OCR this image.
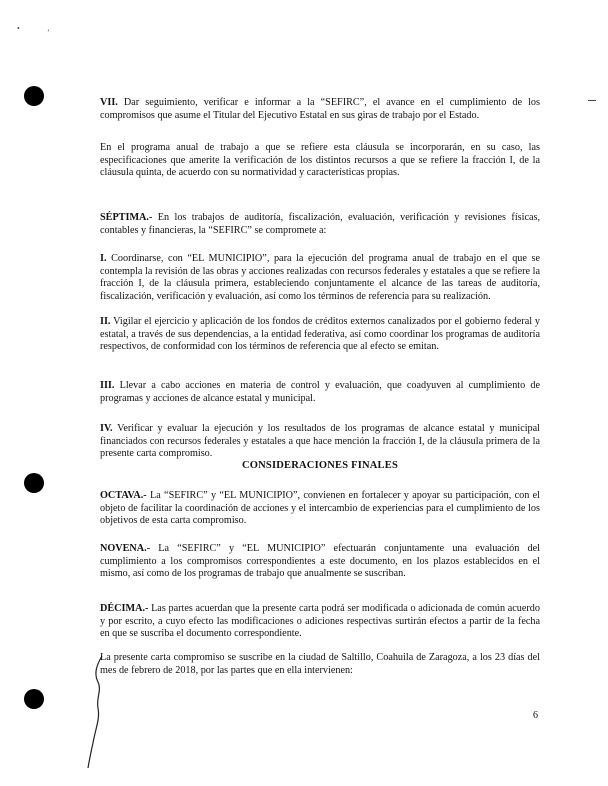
•	ʼ

VII. Dar seguimiento, verificar e informar a la “SEFIRC”, el avance en el cumplimiento de los compromisos que asume el Titular del Ejecutivo Estatal en sus giras de trabajo por el Estado.

En el programa anual de trabajo a que se refiere esta cláusula se incorporarán, en su caso, las especificaciones que amerite la verificación de los distintos recursos a que se refiere la fracción I, de la cláusula quinta, de acuerdo con su normatividad y características propias.

SÉPTIMA.- En los trabajos de auditoría, fiscalización, evaluación, verificación y revisiones físicas, contables y financieras, la “SEFIRC” se compromete a:

I. Coordinarse, con “EL MUNICIPIO”, para la ejecución del programa anual de trabajo en el que se contempla la revisión de las obras y acciones realizadas con recursos federales y estatales a que se refiere la fracción I, de la cláusula primera, estableciendo conjuntamente el alcance de las tareas de auditoría, fiscalización, verificación y evaluación, así como los términos de referencia para su realización.

II. Vigilar el ejercicio y aplicación de los fondos de créditos externos canalizados por el gobierno federal y estatal, a través de sus dependencias, a la entidad federativa, así como coordinar los programas de auditoría respectivos, de conformidad con los términos de referencia que al efecto se emitan.

III. Llevar a cabo acciones en materia de control y evaluación, que coadyuven al cumplimiento de programas y acciones de alcance estatal y municipal.

IV. Verificar y evaluar la ejecución y los resultados de los programas de alcance estatal y municipal financiados con recursos federales y estatales a que hace mención la fracción I, de la cláusula primera de la presente carta compromiso.

CONSIDERACIONES FINALES

OCTAVA.- La “SEFIRC” y “EL MUNICIPIO”, convienen en fortalecer y apoyar su participación, con el objeto de facilitar la coordinación de acciones y el intercambio de experiencias para el cumplimiento de los objetivos de esta carta compromiso.

NOVENA.- La “SEFIRC” y “EL MUNICIPIO” efectuarán conjuntamente una evaluación del cumplimiento a los compromisos correspondientes a este documento, en los plazos establecidos en el mismo, así como de los programas de trabajo que anualmente se suscriban.

DÉCIMA.- Las partes acuerdan que la presente carta podrá ser modificada o adicionada de común acuerdo y por escrito, a cuyo efecto las modificaciones o adiciones respectivas surtirán efectos a partir de la fecha en que se suscriba el documento correspondiente.

La presente carta compromiso se suscribe en la ciudad de Saltillo, Coahuila de Zaragoza, a los 23 días del mes de febrero de 2018, por las partes que en ella intervienen:

6
